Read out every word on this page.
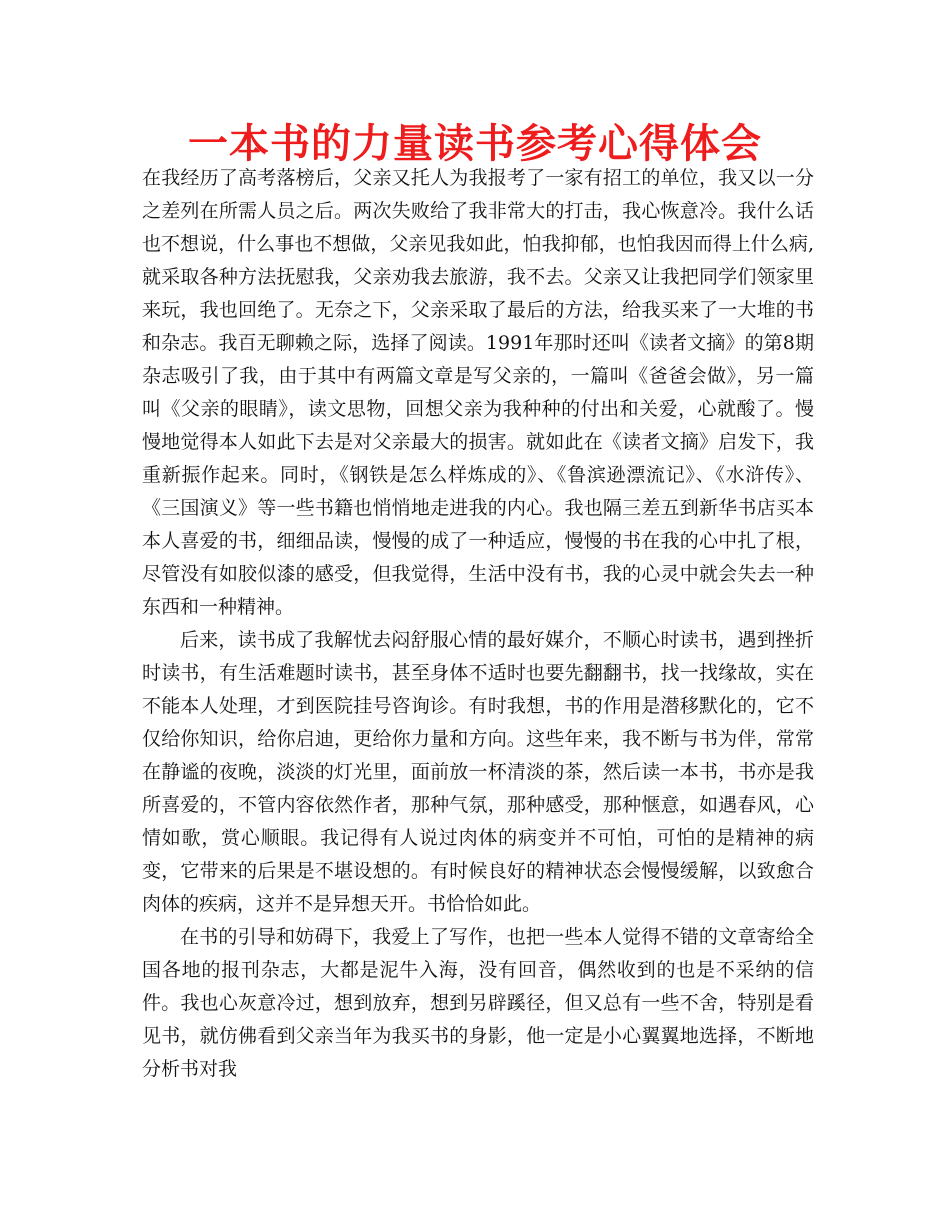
一本书的力量读书参考心得体会

在我经历了高考落榜后，父亲又托人为我报考了一家有招工的单位，我又以一分之差列在所需人员之后。两次失败给了我非常大的打击，我心恢意冷。我什么话也不想说，什么事也不想做，父亲见我如此，怕我抑郁，也怕我因而得上什么病,就采取各种方法抚慰我，父亲劝我去旅游，我不去。父亲又让我把同学们领家里来玩，我也回绝了。无奈之下，父亲采取了最后的方法，给我买来了一大堆的书和杂志。我百无聊赖之际，选择了阅读。1991年那时还叫《读者文摘》的第8期杂志吸引了我，由于其中有两篇文章是写父亲的，一篇叫《爸爸会做》，另一篇叫《父亲的眼睛》，读文思物，回想父亲为我种种的付出和关爱，心就酸了。慢慢地觉得本人如此下去是对父亲最大的损害。就如此在《读者文摘》启发下，我重新振作起来。同时，《钢铁是怎么样炼成的》、《鲁滨逊漂流记》、《水浒传》、《三国演义》等一些书籍也悄悄地走进我的内心。我也隔三差五到新华书店买本本人喜爱的书，细细品读，慢慢的成了一种适应，慢慢的书在我的心中扎了根，尽管没有如胶似漆的感受，但我觉得，生活中没有书，我的心灵中就会失去一种东西和一种精神。

后来，读书成了我解忧去闷舒服心情的最好媒介，不顺心时读书，遇到挫折时读书，有生活难题时读书，甚至身体不适时也要先翻翻书，找一找缘故，实在不能本人处理，才到医院挂号咨询诊。有时我想，书的作用是潜移默化的，它不仅给你知识，给你启迪，更给你力量和方向。这些年来，我不断与书为伴，常常在静谧的夜晚，淡淡的灯光里，面前放一杯清淡的茶，然后读一本书，书亦是我所喜爱的，不管内容依然作者，那种气氛，那种感受，那种惬意，如遇春风，心情如歌，赏心顺眼。我记得有人说过肉体的病变并不可怕，可怕的是精神的病变，它带来的后果是不堪设想的。有时候良好的精神状态会慢慢缓解，以致愈合肉体的疾病，这并不是异想天开。书恰恰如此。

在书的引导和妨碍下，我爱上了写作，也把一些本人觉得不错的文章寄给全国各地的报刊杂志，大都是泥牛入海，没有回音，偶然收到的也是不采纳的信件。我也心灰意冷过，想到放弃，想到另辟蹊径，但又总有一些不舍，特别是看见书，就仿佛看到父亲当年为我买书的身影，他一定是小心翼翼地选择，不断地分析书对我
